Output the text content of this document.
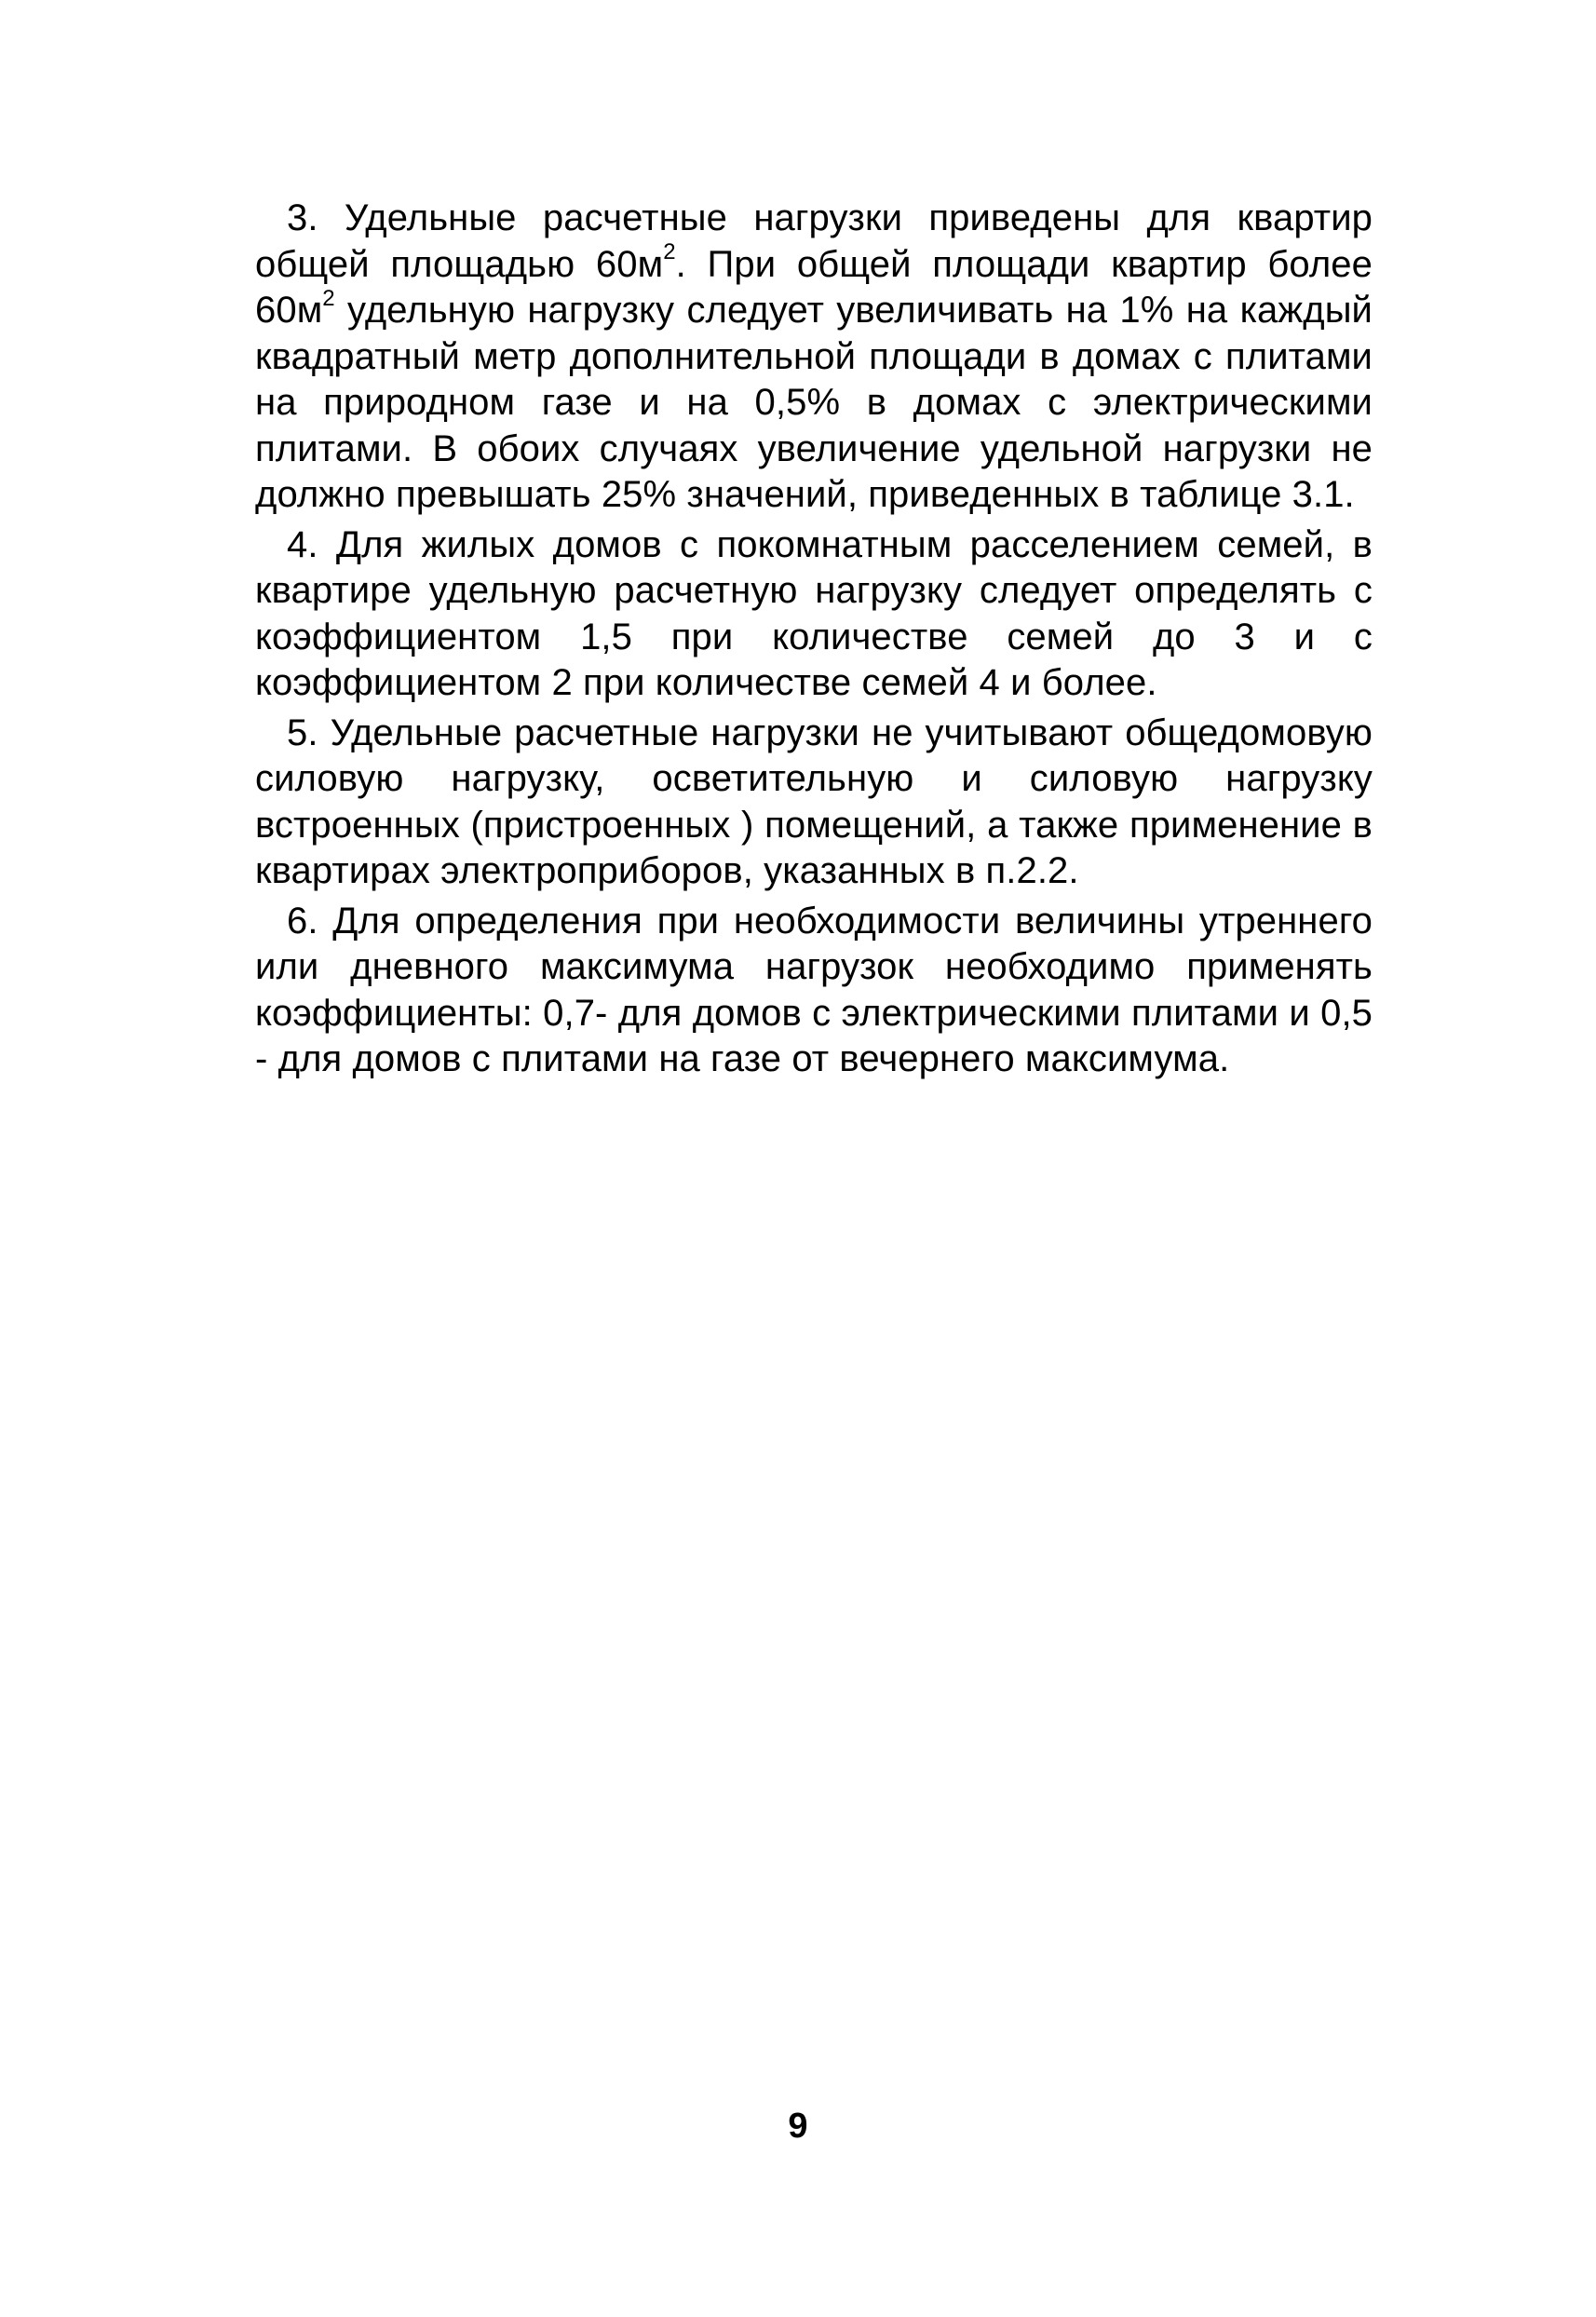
3. Удельные расчетные нагрузки приведены для квартир общей площадью $60м^2$. При общей площади квартир более $60м^2$ удельную нагрузку следует увеличивать на 1% на каждый квадратный метр дополнительной площади в домах с плитами на природном газе и на 0,5% в домах с электрическими плитами. В обоих случаях увеличение удельной нагрузки не должно превышать 25% значений, приведенных в таблице 3.1.

4. Для жилых домов с покомнатным расселением семей, в квартире удельную расчетную нагрузку следует определять с коэффициентом 1,5 при количестве семей до 3 и с коэффициентом 2 при количестве семей 4 и более.

5. Удельные расчетные нагрузки не учитывают общедомовую силовую нагрузку, осветительную и силовую нагрузку встроенных (пристроенных ) помещений, а также применение в квартирах электроприборов, указанных в п.2.2.

6. Для определения при необходимости величины утреннего или дневного максимума нагрузок необходимо применять коэффициенты: 0,7- для домов с электрическими плитами и 0,5 - для домов с плитами на газе от вечернего максимума.

9
